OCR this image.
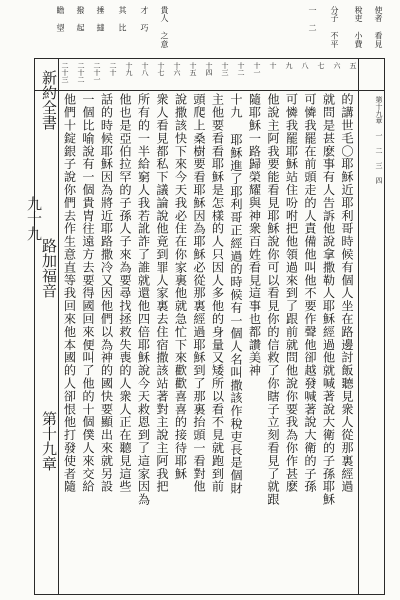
使者 看見
稅吏 小費
分子 不平
一 二
貴人 之意
才 巧
其 比
捶 撻
撥 起
瞻 望
五
六
七
八
九
十
十一
十二
十三
十四
十五
十六
十七
十八
十九
二十
二十一
二十二
二十三
新約全書 路加福音 第十九章 九十九
第十九章 一 二 三 四
的講世毛〇耶穌近耶利哥時候有個人坐在路邊討飯聽見衆人從那裏經過
就問是甚麽事有人告訴他說拿撒勒人耶穌經過他就喊著說大衛的子孫耶穌
可憐我罷在前頭走的人責備他叫他不要作聲他卻越發喊著說大衛的子孫
可憐我罷耶穌站住吩咐把他領過來到了跟前就問他說你要我為你作甚麽
他說主阿我要能看見耶穌說你可以看見你的信救了你瞎子立刻看見了就跟
隨耶穌一路歸榮耀與神衆百姓看見這事也都讚美神
十九 耶穌進了耶利哥正經過的時候有一個人名叫撒該作稅吏長是個財
主他要看看耶穌是怎樣的人只因人多他的身量又矮所以看不見就跑到前
頭爬上桑樹要看耶穌因為耶穌必從那裏經過耶穌到了那裏抬頭一看對他
說撒該快下來今天我必住在你家裏他就急忙下來歡歡喜喜的接待耶穌
衆人看見都私下議論說他竟到罪人家裏去住宿撒該站著對主說主阿我把
所有的一半給窮人我若訛詐了誰就還他四倍耶穌說今天救恩到了這家因為
他也是亞伯拉罕的子孫人子來為要尋找拯救失喪的人衆人正在聽見這些
話的時候耶穌因為將近耶路撒冷又因他們以為神的國快要顯出來就另設
一個比喻說有一個貴胄往遠方去要得國回來便叫了他的十個僕人來交給
他們十錠銀子說你們去作生意直等我回來他本國的人卻恨他打發使者隨
